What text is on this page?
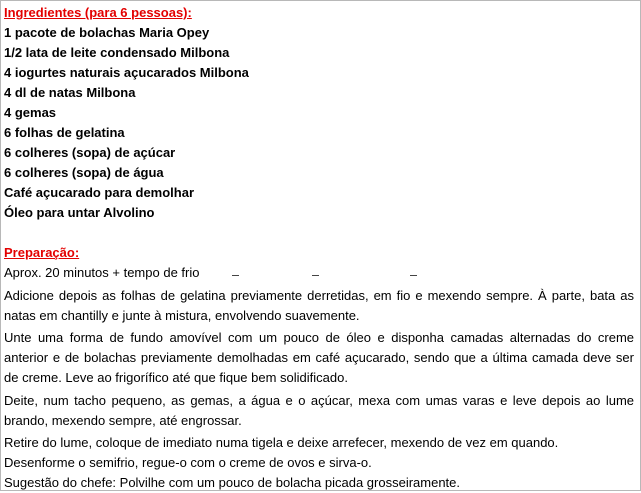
Ingredientes (para 6 pessoas):
1 pacote de bolachas Maria Opey
1/2 lata de leite condensado Milbona
4 iogurtes naturais açucarados Milbona
4 dl de natas Milbona
4 gemas
6 folhas de gelatina
6 colheres (sopa) de açúcar
6 colheres (sopa) de água
Café açucarado para demolhar
Óleo para untar Alvolino
Preparação:
Aprox. 20 minutos + tempo de frio
Adicione depois as folhas de gelatina previamente derretidas, em fio e mexendo sempre. À parte, bata as natas em chantilly e junte à mistura, envolvendo suavemente.
Unte uma forma de fundo amovível com um pouco de óleo e disponha camadas alternadas do creme anterior e de bolachas previamente demolhadas em café açucarado, sendo que a última camada deve ser de creme. Leve ao frigorífico até que fique bem solidificado.
Deite, num tacho pequeno, as gemas, a água e o açúcar, mexa com umas varas e leve depois ao lume brando, mexendo sempre, até engrossar.
Retire do lume, coloque de imediato numa tigela e deixe arrefecer, mexendo de vez em quando.
Desenforme o semifrio, regue-o com o creme de ovos e sirva-o.
Sugestão do chefe: Polvilhe com um pouco de bolacha picada grosseiramente.
